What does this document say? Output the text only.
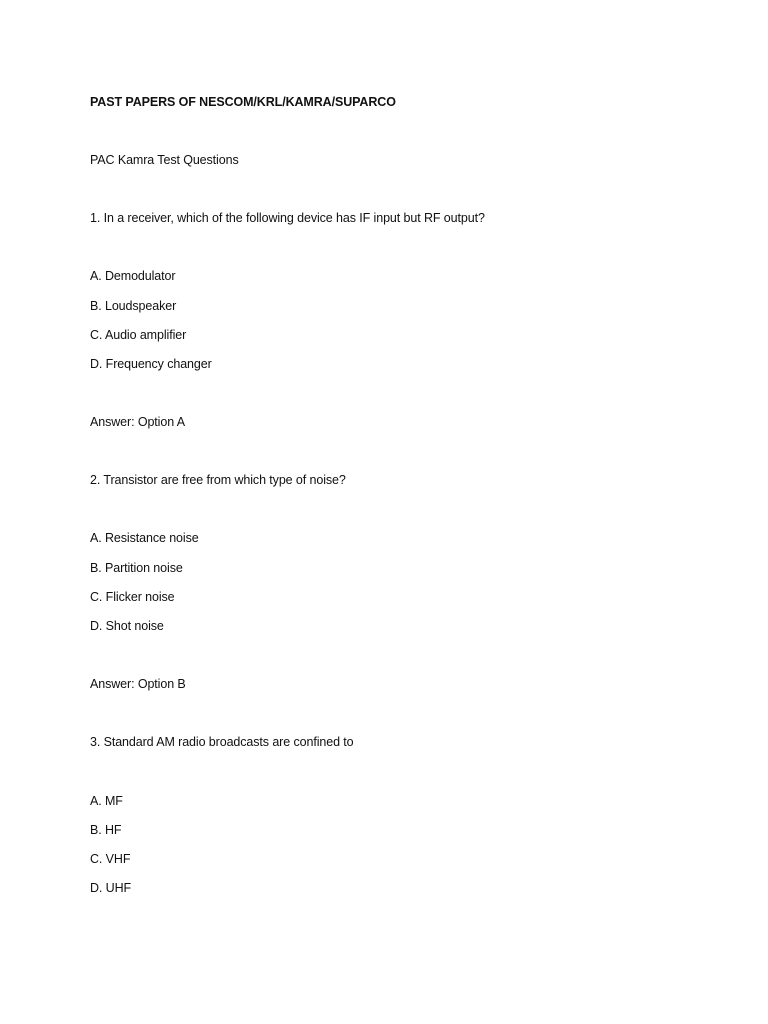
PAST PAPERS OF NESCOM/KRL/KAMRA/SUPARCO
PAC Kamra Test Questions
1. In a receiver, which of the following device has IF input but RF output?
A. Demodulator
B. Loudspeaker
C. Audio amplifier
D. Frequency changer
Answer: Option A
2. Transistor are free from which type of noise?
A. Resistance noise
B. Partition noise
C. Flicker noise
D. Shot noise
Answer: Option B
3. Standard AM radio broadcasts are confined to
A. MF
B. HF
C. VHF
D. UHF
